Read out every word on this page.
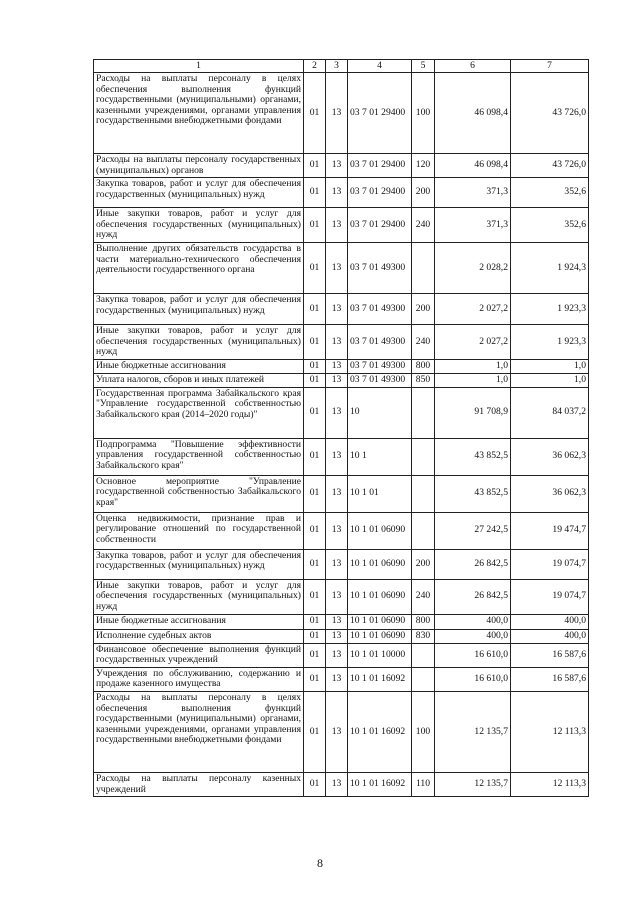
1	2	3	4	5	6	7
Расходы на выплаты персоналу в целях обеспечения выполнения функций государственными (муниципальными) органами, казенными учреждениями, органами управления государственными внебюджетными фондами	01	13	03 7 01 29400	100	46 098,4	43 726,0
Расходы на выплаты персоналу государственных (муниципальных) органов	01	13	03 7 01 29400	120	46 098,4	43 726,0
Закупка товаров, работ и услуг для обеспечения государственных (муниципальных) нужд	01	13	03 7 01 29400	200	371,3	352,6
Иные закупки товаров, работ и услуг для обеспечения государственных (муниципальных) нужд	01	13	03 7 01 29400	240	371,3	352,6
Выполнение других обязательств государства в части материально-технического обеспечения деятельности государственного органа	01	13	03 7 01 49300		2 028,2	1 924,3
Закупка товаров, работ и услуг для обеспечения государственных (муниципальных) нужд	01	13	03 7 01 49300	200	2 027,2	1 923,3
Иные закупки товаров, работ и услуг для обеспечения государственных (муниципальных) нужд	01	13	03 7 01 49300	240	2 027,2	1 923,3
Иные бюджетные ассигнования	01	13	03 7 01 49300	800	1,0	1,0
Уплата налогов, сборов и иных платежей	01	13	03 7 01 49300	850	1,0	1,0
Государственная программа Забайкальского края "Управление государственной собственностью Забайкальского края (2014–2020 годы)"	01	13	10		91 708,9	84 037,2
Подпрограмма "Повышение эффективности управления государственной собственностью Забайкальского края"	01	13	10 1		43 852,5	36 062,3
Основное мероприятие "Управление государственной собственностью Забайкальского края"	01	13	10 1 01		43 852,5	36 062,3
Оценка недвижимости, признание прав и регулирование отношений по государственной собственности	01	13	10 1 01 06090		27 242,5	19 474,7
Закупка товаров, работ и услуг для обеспечения государственных (муниципальных) нужд	01	13	10 1 01 06090	200	26 842,5	19 074,7
Иные закупки товаров, работ и услуг для обеспечения государственных (муниципальных) нужд	01	13	10 1 01 06090	240	26 842,5	19 074,7
Иные бюджетные ассигнования	01	13	10 1 01 06090	800	400,0	400,0
Исполнение судебных актов	01	13	10 1 01 06090	830	400,0	400,0
Финансовое обеспечение выполнения функций государственных учреждений	01	13	10 1 01 10000		16 610,0	16 587,6
Учреждения по обслуживанию, содержанию и продаже казенного имущества	01	13	10 1 01 16092		16 610,0	16 587,6
Расходы на выплаты персоналу в целях обеспечения выполнения функций государственными (муниципальными) органами, казенными учреждениями, органами управления государственными внебюджетными фондами	01	13	10 1 01 16092	100	12 135,7	12 113,3
Расходы на выплаты персоналу казенных учреждений	01	13	10 1 01 16092	110	12 135,7	12 113,3
8
